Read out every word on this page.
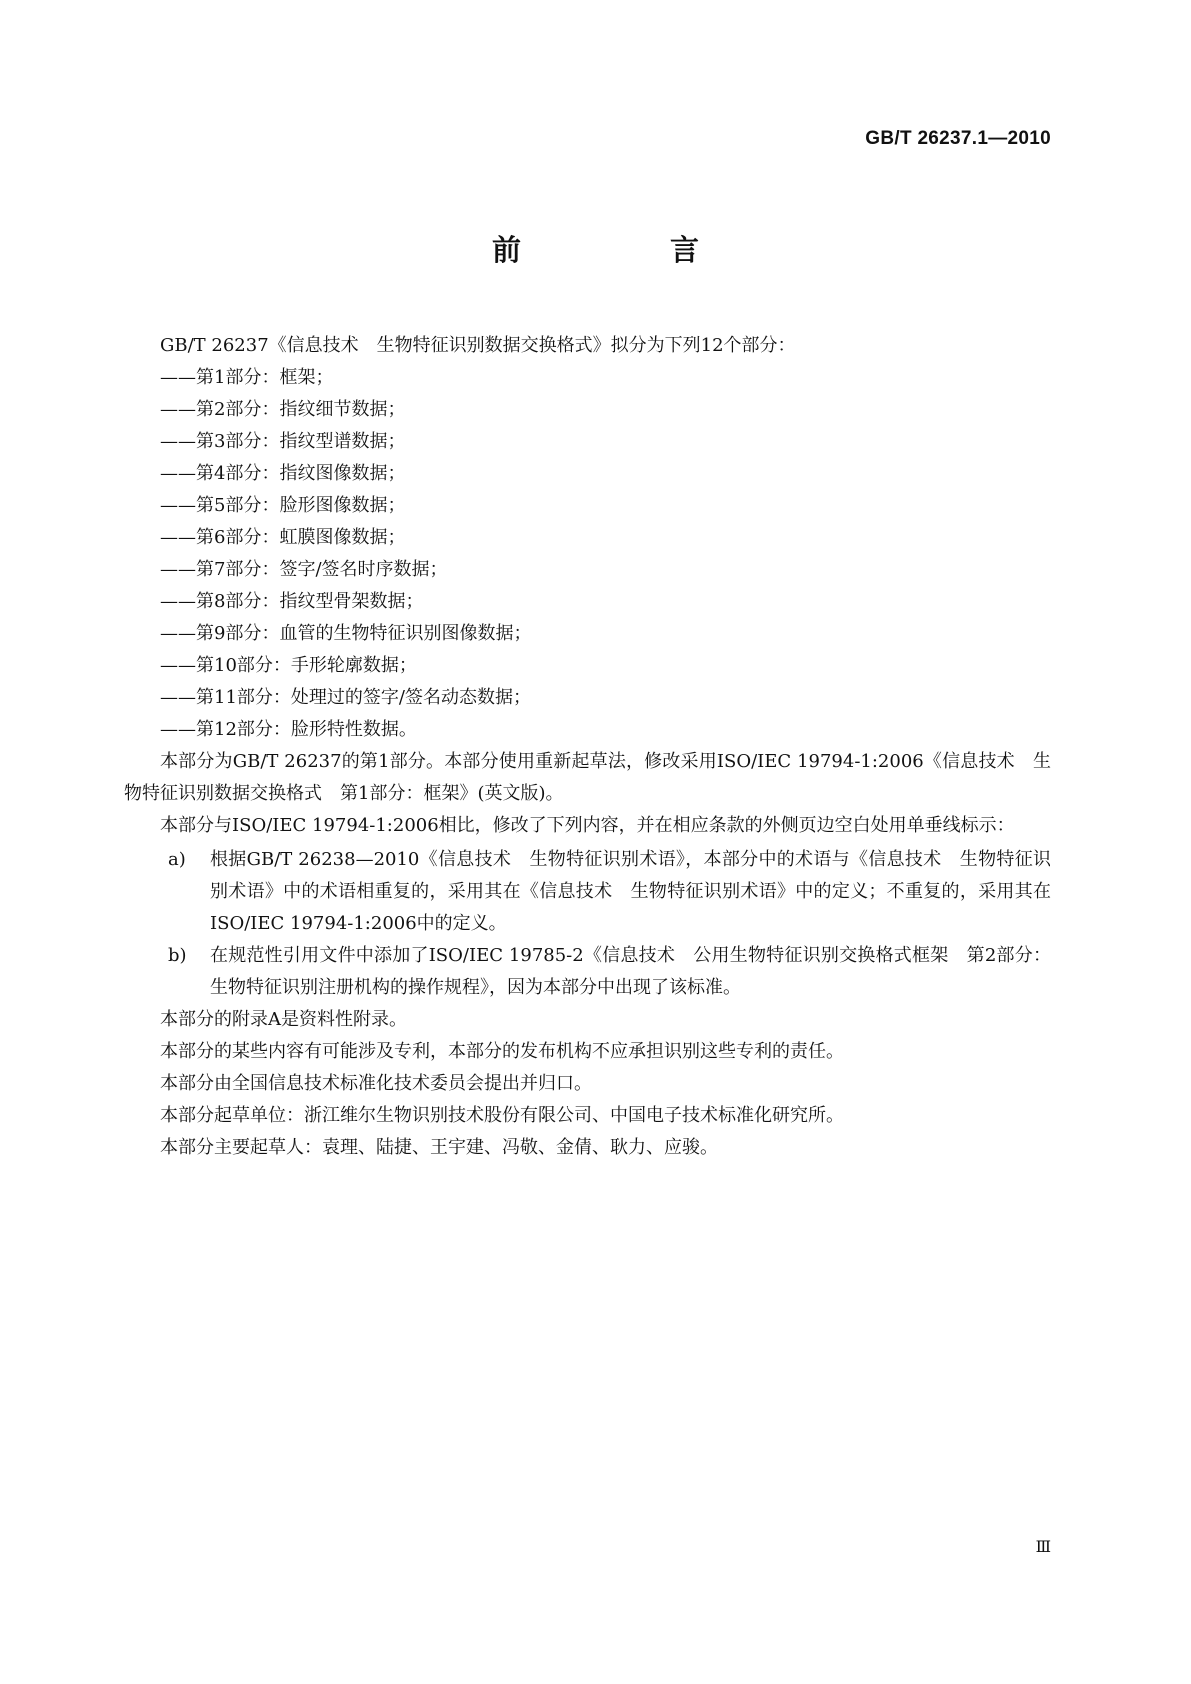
GB/T 26237.1—2010

前　言

GB/T 26237《信息技术　生物特征识别数据交换格式》拟分为下列12个部分：

——第1部分：框架；
——第2部分：指纹细节数据；
——第3部分：指纹型谱数据；
——第4部分：指纹图像数据；
——第5部分：脸形图像数据；
——第6部分：虹膜图像数据；
——第7部分：签字/签名时序数据；
——第8部分：指纹型骨架数据；
——第9部分：血管的生物特征识别图像数据；
——第10部分：手形轮廓数据；
——第11部分：处理过的签字/签名动态数据；
——第12部分：脸形特性数据。

本部分为GB/T 26237的第1部分。本部分使用重新起草法，修改采用ISO/IEC 19794-1:2006《信息技术　生物特征识别数据交换格式　第1部分：框架》(英文版)。

本部分与ISO/IEC 19794-1:2006相比，修改了下列内容，并在相应条款的外侧页边空白处用单垂线标示：

a) 根据GB/T 26238—2010《信息技术　生物特征识别术语》，本部分中的术语与《信息技术　生物特征识别术语》中的术语相重复的，采用其在《信息技术　生物特征识别术语》中的定义；不重复的，采用其在ISO/IEC 19794-1:2006中的定义。
b) 在规范性引用文件中添加了ISO/IEC 19785-2《信息技术　公用生物特征识别交换格式框架　第2部分：生物特征识别注册机构的操作规程》，因为本部分中出现了该标准。

本部分的附录A是资料性附录。

本部分的某些内容有可能涉及专利，本部分的发布机构不应承担识别这些专利的责任。

本部分由全国信息技术标准化技术委员会提出并归口。

本部分起草单位：浙江维尔生物识别技术股份有限公司、中国电子技术标准化研究所。

本部分主要起草人：袁理、陆捷、王宇建、冯敬、金倩、耿力、应骏。

Ⅲ
